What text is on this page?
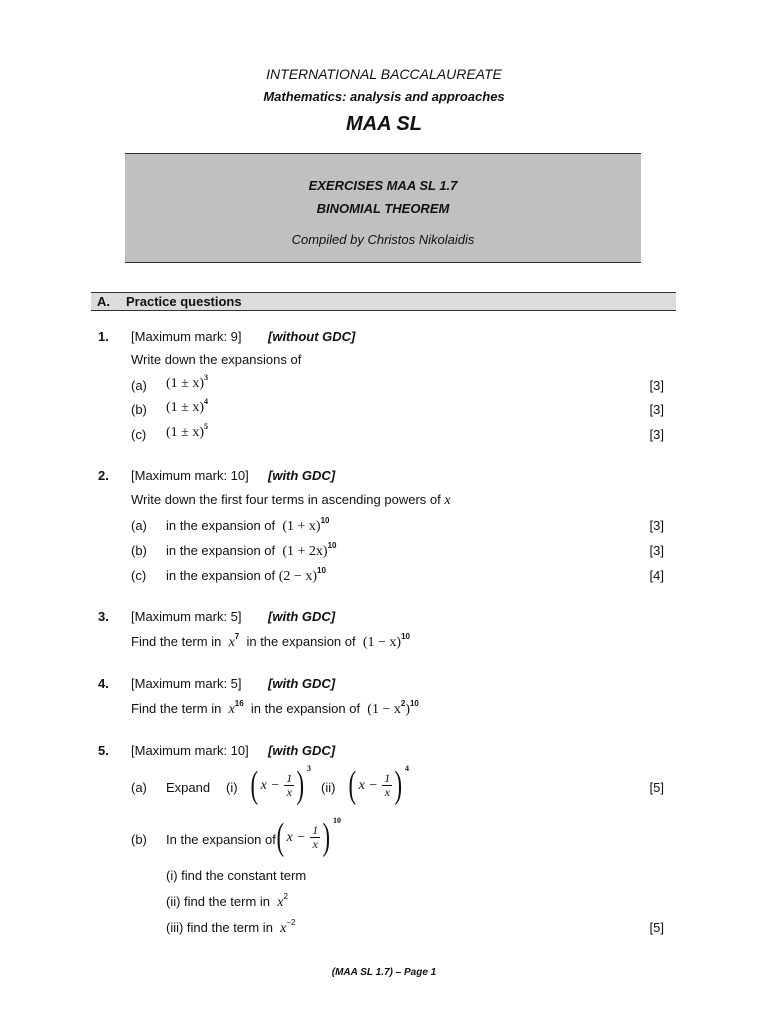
INTERNATIONAL BACCALAUREATE
Mathematics: analysis and approaches
MAA SL
EXERCISES MAA SL 1.7
BINOMIAL THEOREM
Compiled by Christos Nikolaidis
A. Practice questions
1. [Maximum mark: 9] [without GDC]
Write down the expansions of
(a) $(1 \pm x)^3$
[3]
(b) $(1 \pm x)^4$
[3]
(c) $(1 \pm x)^5$
[3]
2. [Maximum mark: 10] [with GDC]
Write down the first four terms in ascending powers of x
(a) in the expansion of $(1 + x)^{10}$	[3]
(b) in the expansion of $(1 + 2x)^{10}$	[3]
(c) in the expansion of $(2 - x)^{10}$	[4]
3. [Maximum mark: 5] [with GDC]
Find the term in $x^7$ in the expansion of $(1 - x)^{10}$
4. [Maximum mark: 5] [with GDC]
Find the term in $x^{16}$ in the expansion of $(1 - x^2)^{10}$
5. [Maximum mark: 10] [with GDC]
(a) Expand (i) ( $x - \frac{1}{x}$ ) $^3$
(ii) ( $x - \frac{1}{x}$ ) $^4$
[5]
(b) In the expansion of ( $x - \frac{1}{x}$ ) $^{10}$
(i) find the constant term
(ii) find the term in $x^2$
(iii) find the term in $x^{-2}$	[5]
(MAA SL 1.7) – Page 1
